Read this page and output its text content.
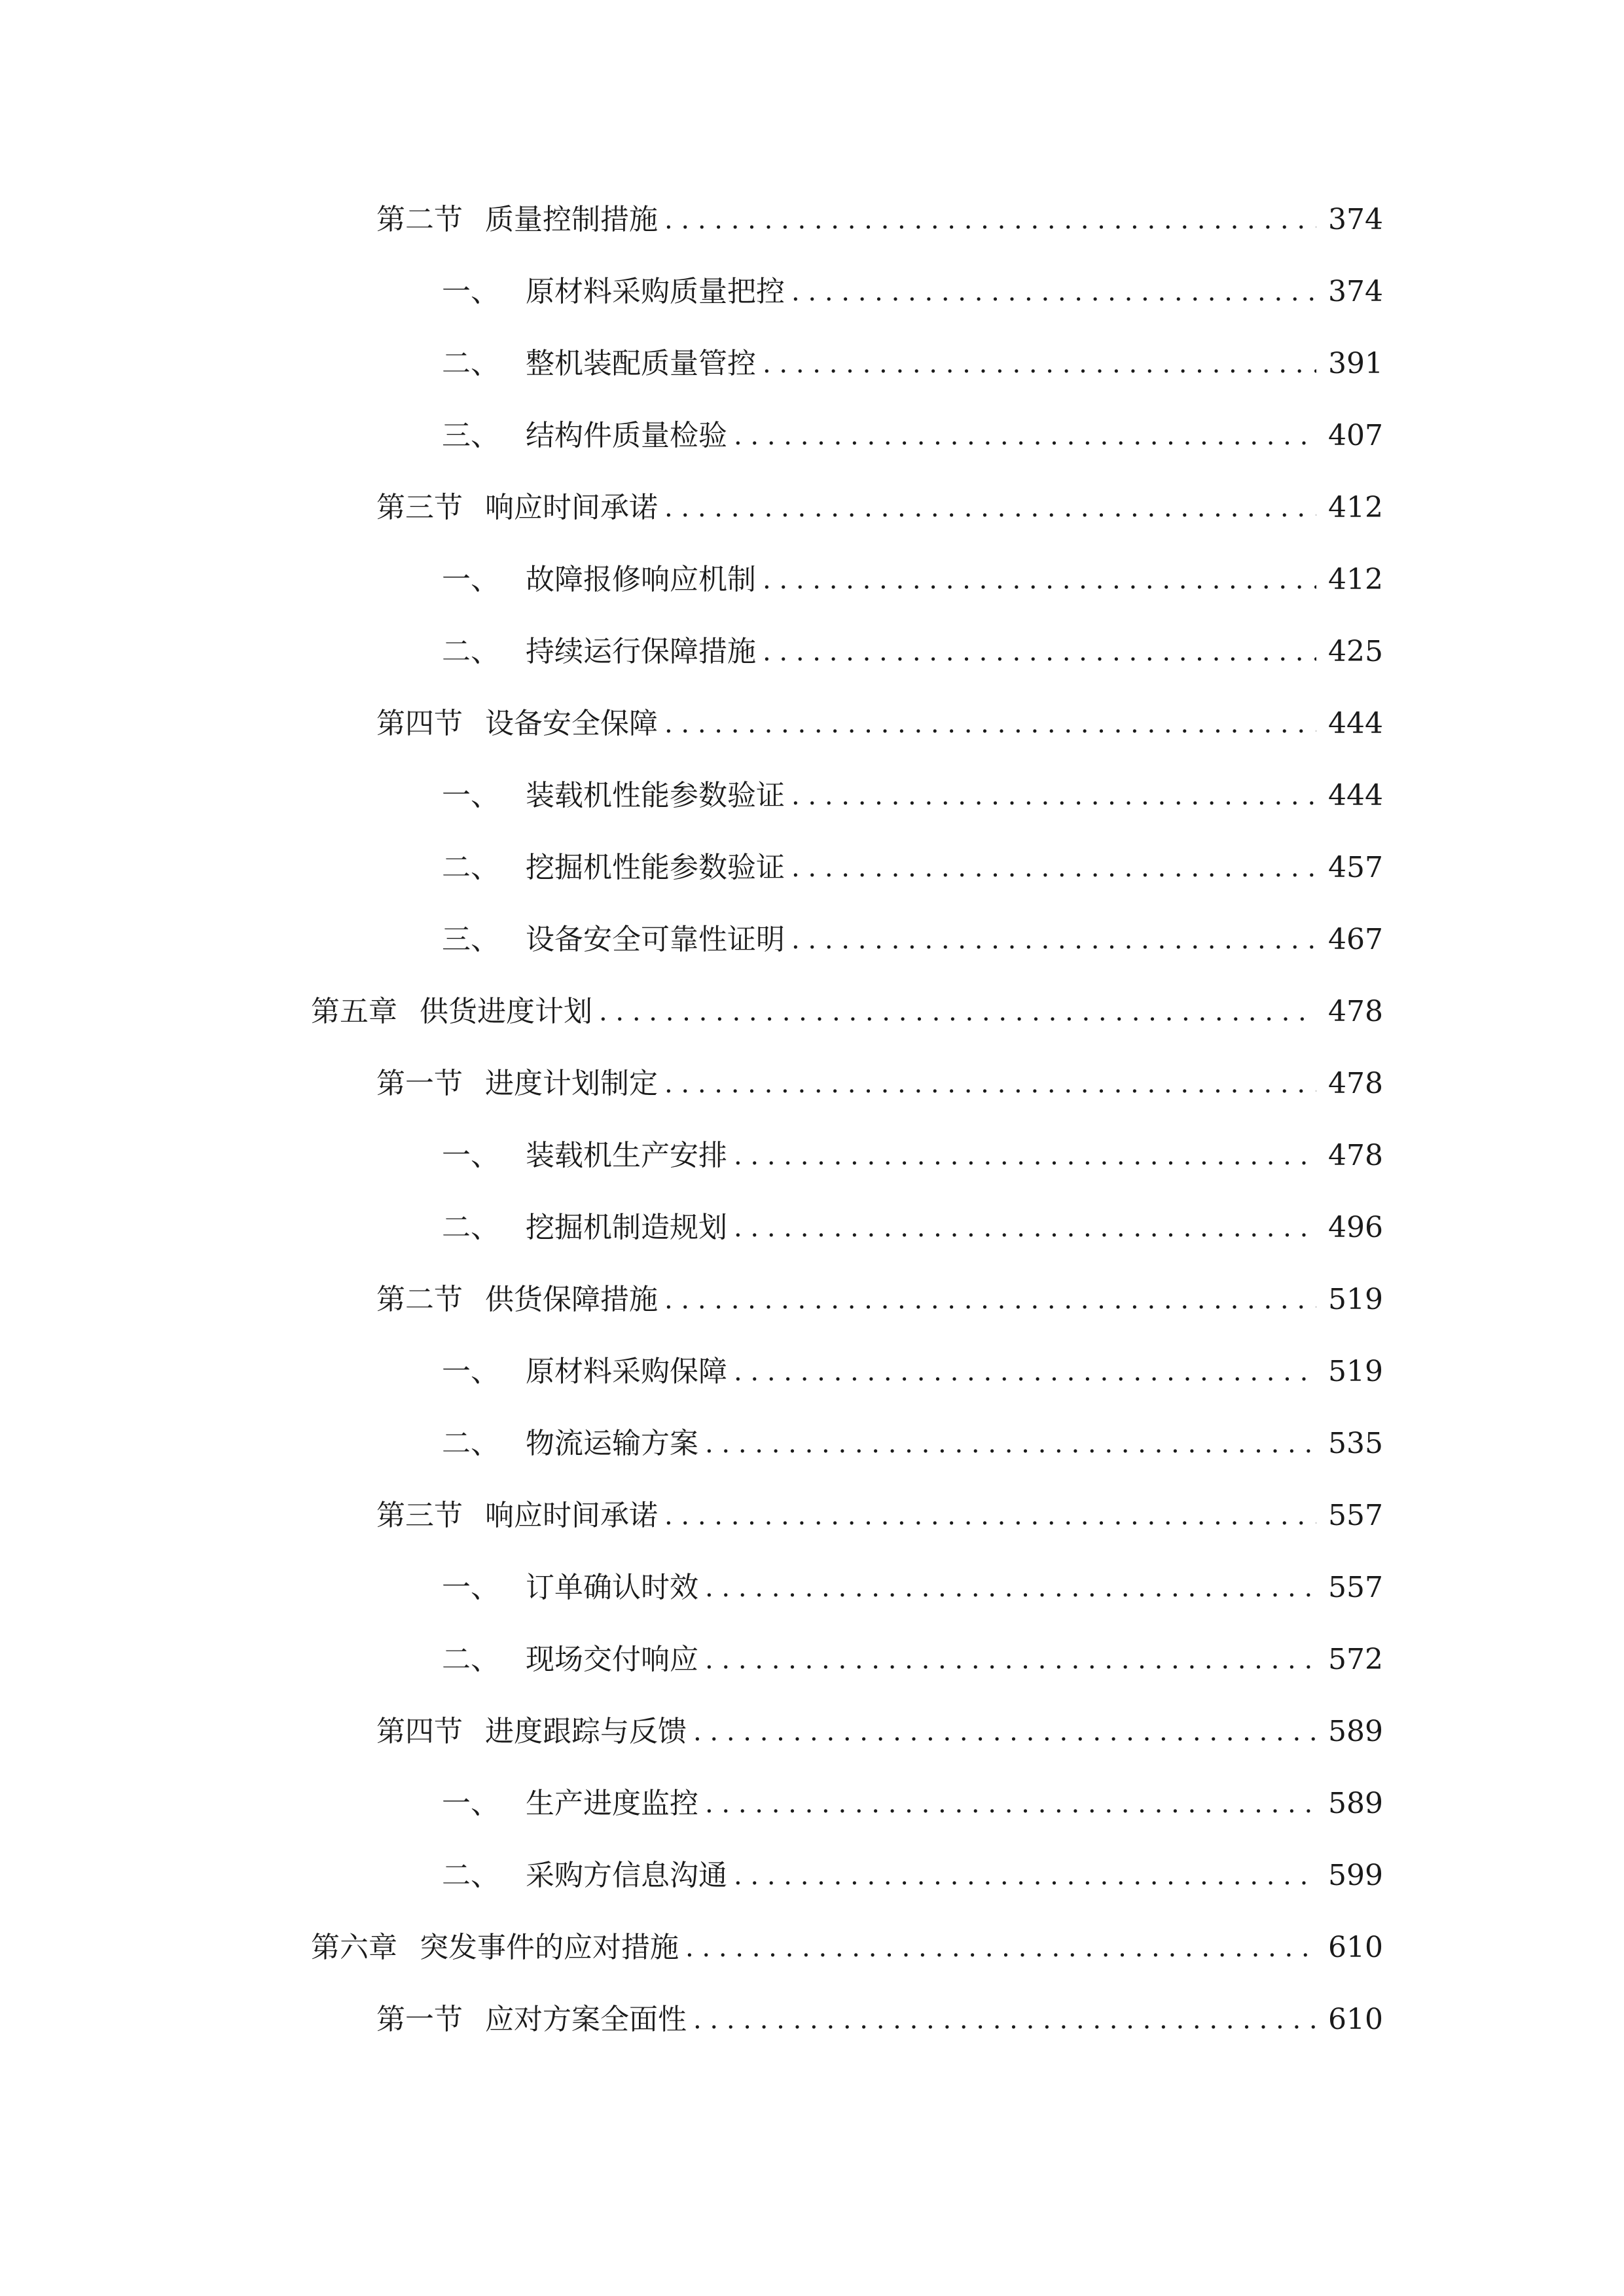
第二节 质量控制措施 . . .	374
一、 原材料采购质量把控 . . .	374
二、 整机装配质量管控 . . .	391
三、 结构件质量检验 . . .	407
第三节 响应时间承诺 . . .	412
一、 故障报修响应机制 . . .	412
二、 持续运行保障措施 . . .	425
第四节 设备安全保障 . . .	444
一、 装载机性能参数验证 . . .	444
二、 挖掘机性能参数验证 . . .	457
三、 设备安全可靠性证明 . . .	467
第五章 供货进度计划 . . .	478
第一节 进度计划制定 . . .	478
一、 装载机生产安排 . . .	478
二、 挖掘机制造规划 . . .	496
第二节 供货保障措施 . . .	519
一、 原材料采购保障 . . .	519
二、 物流运输方案 . . .	535
第三节 响应时间承诺 . . .	557
一、 订单确认时效 . . .	557
二、 现场交付响应 . . .	572
第四节 进度跟踪与反馈 . . .	589
一、 生产进度监控 . . .	589
二、 采购方信息沟通 . . .	599
第六章 突发事件的应对措施 . . .	610
第一节 应对方案全面性 . . .	610
